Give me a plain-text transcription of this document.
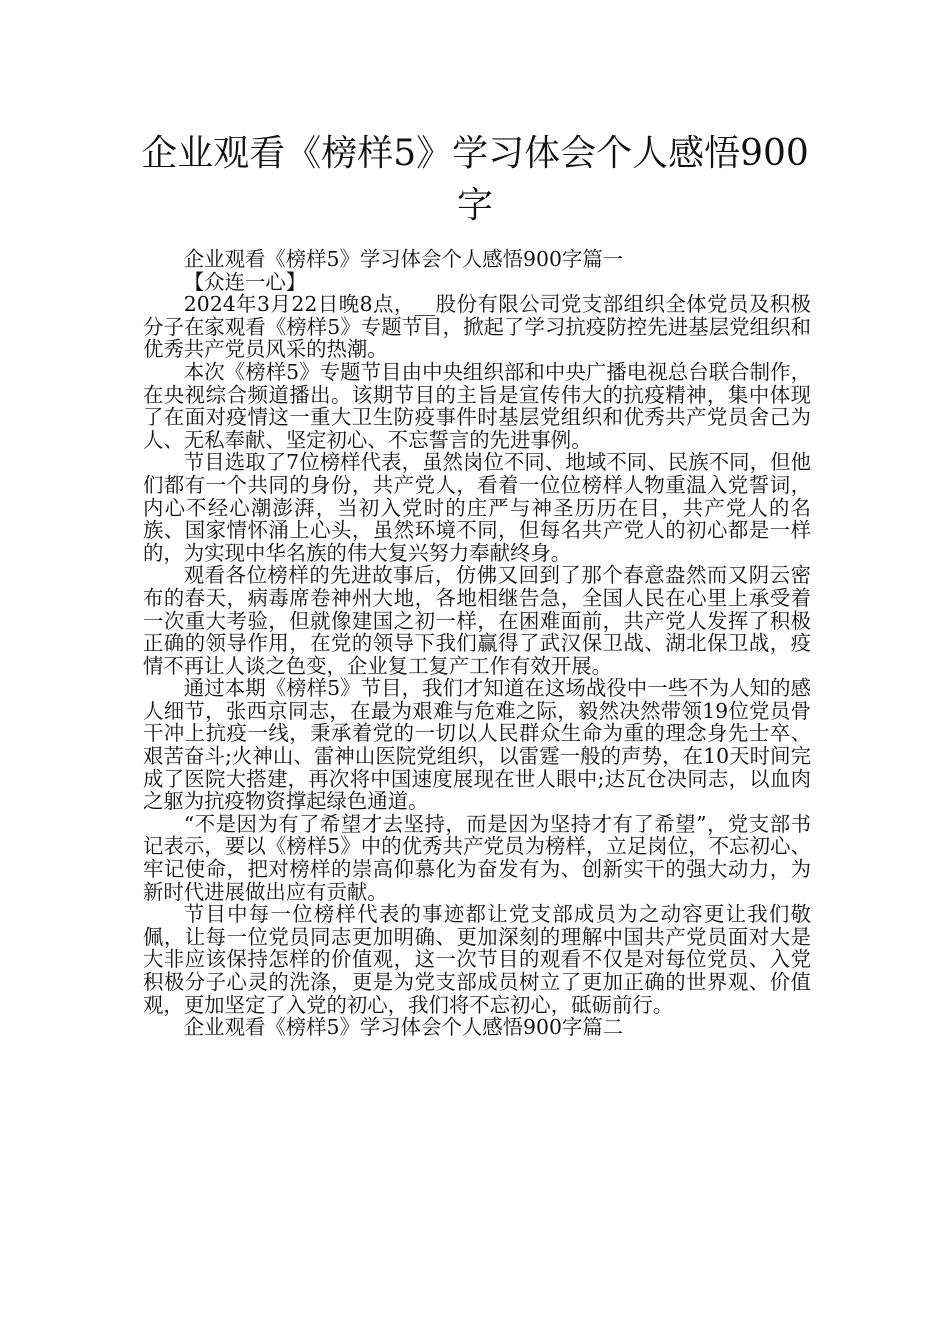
企业观看《榜样5》学习体会个人感悟900字

企业观看《榜样5》学习体会个人感悟900字篇一

【众连一心】

2024年3月22日晚8点，__股份有限公司党支部组织全体党员及积极分子在家观看《榜样5》专题节目，掀起了学习抗疫防控先进基层党组织和优秀共产党员风采的热潮。

本次《榜样5》专题节目由中央组织部和中央广播电视总台联合制作，在央视综合频道播出。该期节目的主旨是宣传伟大的抗疫精神，集中体现了在面对疫情这一重大卫生防疫事件时基层党组织和优秀共产党员舍己为人、无私奉献、坚定初心、不忘誓言的先进事例。

节目选取了7位榜样代表，虽然岗位不同、地域不同、民族不同，但他们都有一个共同的身份，共产党人，看着一位位榜样人物重温入党誓词，内心不经心潮澎湃，当初入党时的庄严与神圣历历在目，共产党人的名族、国家情怀涌上心头，虽然环境不同，但每名共产党人的初心都是一样的，为实现中华名族的伟大复兴努力奉献终身。

观看各位榜样的先进故事后，仿佛又回到了那个春意盎然而又阴云密布的春天，病毒席卷神州大地，各地相继告急，全国人民在心里上承受着一次重大考验，但就像建国之初一样，在困难面前，共产党人发挥了积极正确的领导作用，在党的领导下我们赢得了武汉保卫战、湖北保卫战，疫情不再让人谈之色变，企业复工复产工作有效开展。

通过本期《榜样5》节目，我们才知道在这场战役中一些不为人知的感人细节，张西京同志，在最为艰难与危难之际，毅然决然带领19位党员骨干冲上抗疫一线，秉承着党的一切以人民群众生命为重的理念身先士卒、艰苦奋斗;火神山、雷神山医院党组织，以雷霆一般的声势，在10天时间完成了医院大搭建，再次将中国速度展现在世人眼中;达瓦仓决同志，以血肉之躯为抗疫物资撑起绿色通道。

“不是因为有了希望才去坚持，而是因为坚持才有了希望”，党支部书记表示，要以《榜样5》中的优秀共产党员为榜样，立足岗位，不忘初心、牢记使命，把对榜样的崇高仰慕化为奋发有为、创新实干的强大动力，为新时代进展做出应有贡献。

节目中每一位榜样代表的事迹都让党支部成员为之动容更让我们敬佩，让每一位党员同志更加明确、更加深刻的理解中国共产党员面对大是大非应该保持怎样的价值观，这一次节目的观看不仅是对每位党员、入党积极分子心灵的洗涤，更是为党支部成员树立了更加正确的世界观、价值观，更加坚定了入党的初心，我们将不忘初心，砥砺前行。

企业观看《榜样5》学习体会个人感悟900字篇二
